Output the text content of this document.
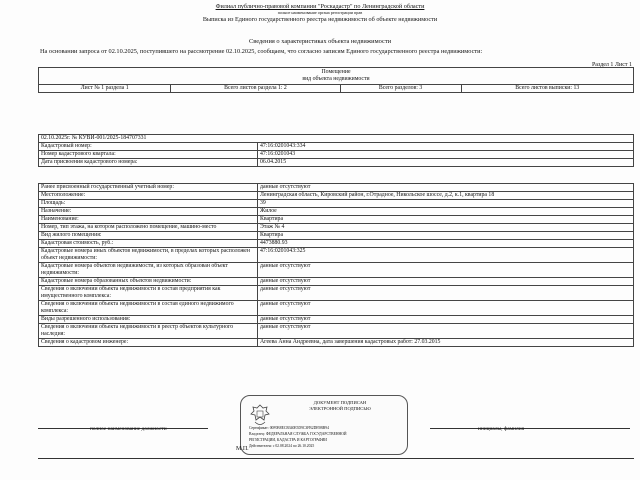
Филиал публично-правовой компании "Роскадастр" по Ленинградской области
полное наименование органа регистрации прав
Выписка из Единого государственного реестра недвижимости об объекте недвижимости
Сведения о характеристиках объекта недвижимости
На основании запроса от 02.10.2025, поступившего на рассмотрение 02.10.2025, сообщаем, что согласно записям Единого государственного реестра недвижимости:
Раздел 1 Лист 1
Помещение
вид объекта недвижимости

Лист № 1 раздела 1	Всего листов раздела 1: 2	Всего разделов: 3	Всего листов выписки: 13
02.10.2025г. № КУВИ-001/2025-184707331	
Кадастровый номер:	47:16:0201043:334
Номер кадастрового квартала:	47:16:0201043
Дата присвоения кадастрового номера:	06.04.2015
Ранее присвоенный государственный учетный номер:	данные отсутствуют
Местоположение:	Ленинградская область, Кировский район, г.Отрадное, Никольское шоссе, д.2, к.1, квартира 18
Площадь:	39
Назначение:	Жилое
Наименование:	Квартира
Номер, тип этажа, на котором расположено помещение, машино-место	Этаж № 4
Вид жилого помещения:	Квартира
Кадастровая стоимость, руб.:	4473880.93
Кадастровые номера иных объектов недвижимости, в пределах которых расположен объект недвижимости:	47:16:0201043:325
Кадастровые номера объектов недвижимости, из которых образован объект недвижимости:	данные отсутствуют
Кадастровые номера образованных объектов недвижимости:	данные отсутствуют
Сведения о включении объекта недвижимости в состав предприятия как имущественного комплекса:	данные отсутствуют
Сведения о включении объекта недвижимости в состав единого недвижимого комплекса:	данные отсутствуют
Виды разрешенного использования:	данные отсутствуют
Сведения о включении объекта недвижимости в реестр объектов культурного наследия:	данные отсутствуют
Сведения о кадастровом инженере:	Агеева Анна Андреевна, дата завершения кадастровых работ: 27.03.2015
полное наименование должности	инициалы, фамилия
ДОКУМЕНТ ПОДПИСАН
ЭЛЕКТРОННОЙ ПОДПИСЬЮ
Сертификат: 00F0B8ECB340E5D9C3FB2DE9BB94
Владелец: ФЕДЕРАЛЬНАЯ СЛУЖБА ГОСУДАРСТВЕННОЙ
РЕГИСТРАЦИИ, КАДАСТРА И КАРТОГРАФИИ
Действителен: с 02.08.2024 по 26.10.2025
М.П.
